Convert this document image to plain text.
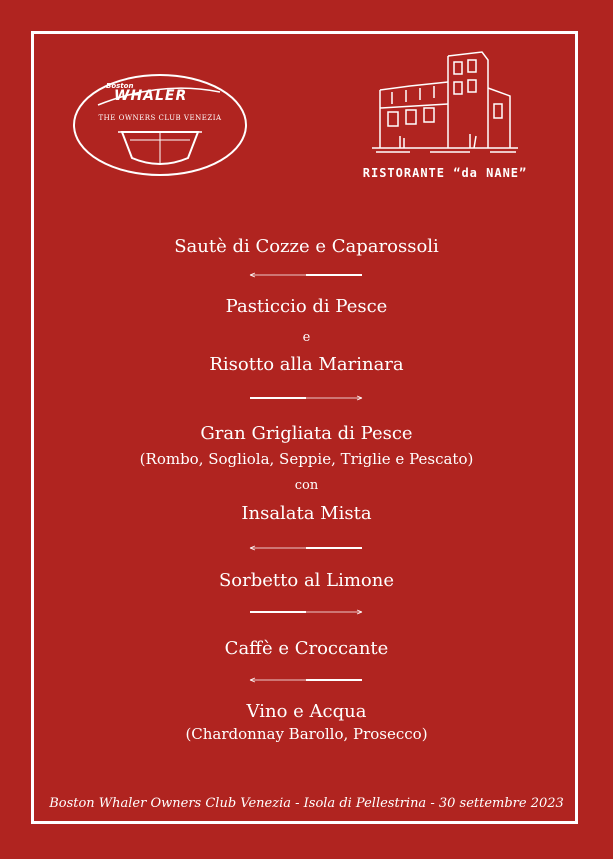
Boston
WHALER
THE OWNERS CLUB VENEZIA
RISTORANTE “da NANE”
Sautè di Cozze e Caparossoli
Pasticcio di Pesce
e
Risotto alla Marinara
Gran Grigliata di Pesce
(Rombo, Sogliola, Seppie, Triglie e Pescato)
con
Insalata Mista
Sorbetto al Limone
Caffè e Croccante
Vino e Acqua
(Chardonnay Barollo, Prosecco)
Boston Whaler Owners Club Venezia - Isola di Pellestrina - 30 settembre 2023
